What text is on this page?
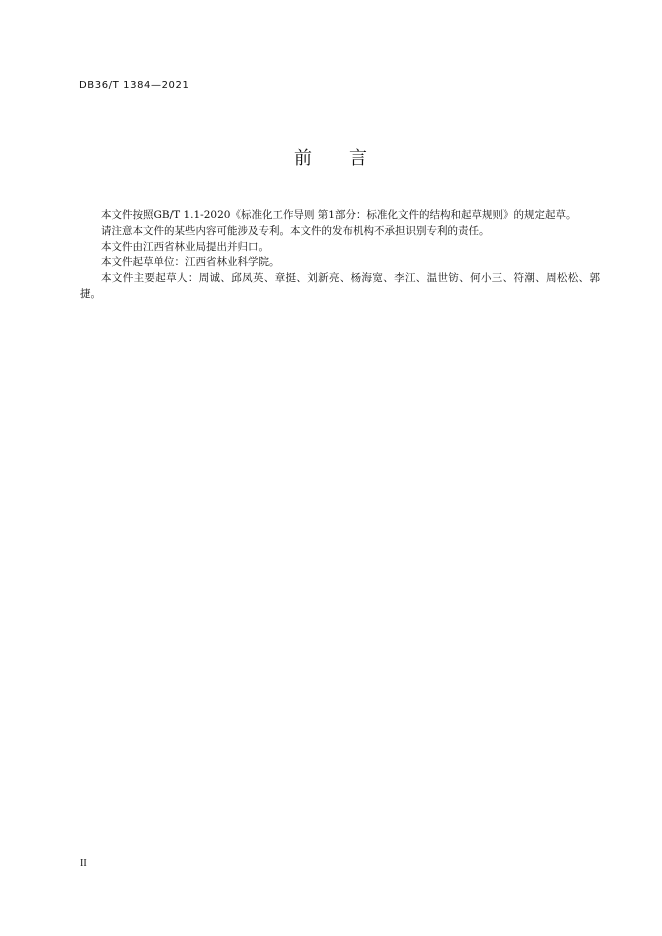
DB36/T 1384—2021
前 言

本文件按照GB/T 1.1-2020《标准化工作导则 第1部分：标准化文件的结构和起草规则》的规定起草。

请注意本文件的某些内容可能涉及专利。本文件的发布机构不承担识别专利的责任。

本文件由江西省林业局提出并归口。

本文件起草单位：江西省林业科学院。

本文件主要起草人：周诚、邱凤英、章挺、刘新亮、杨海宽、李江、温世钫、何小三、符潮、周松松、郭捷。

II
